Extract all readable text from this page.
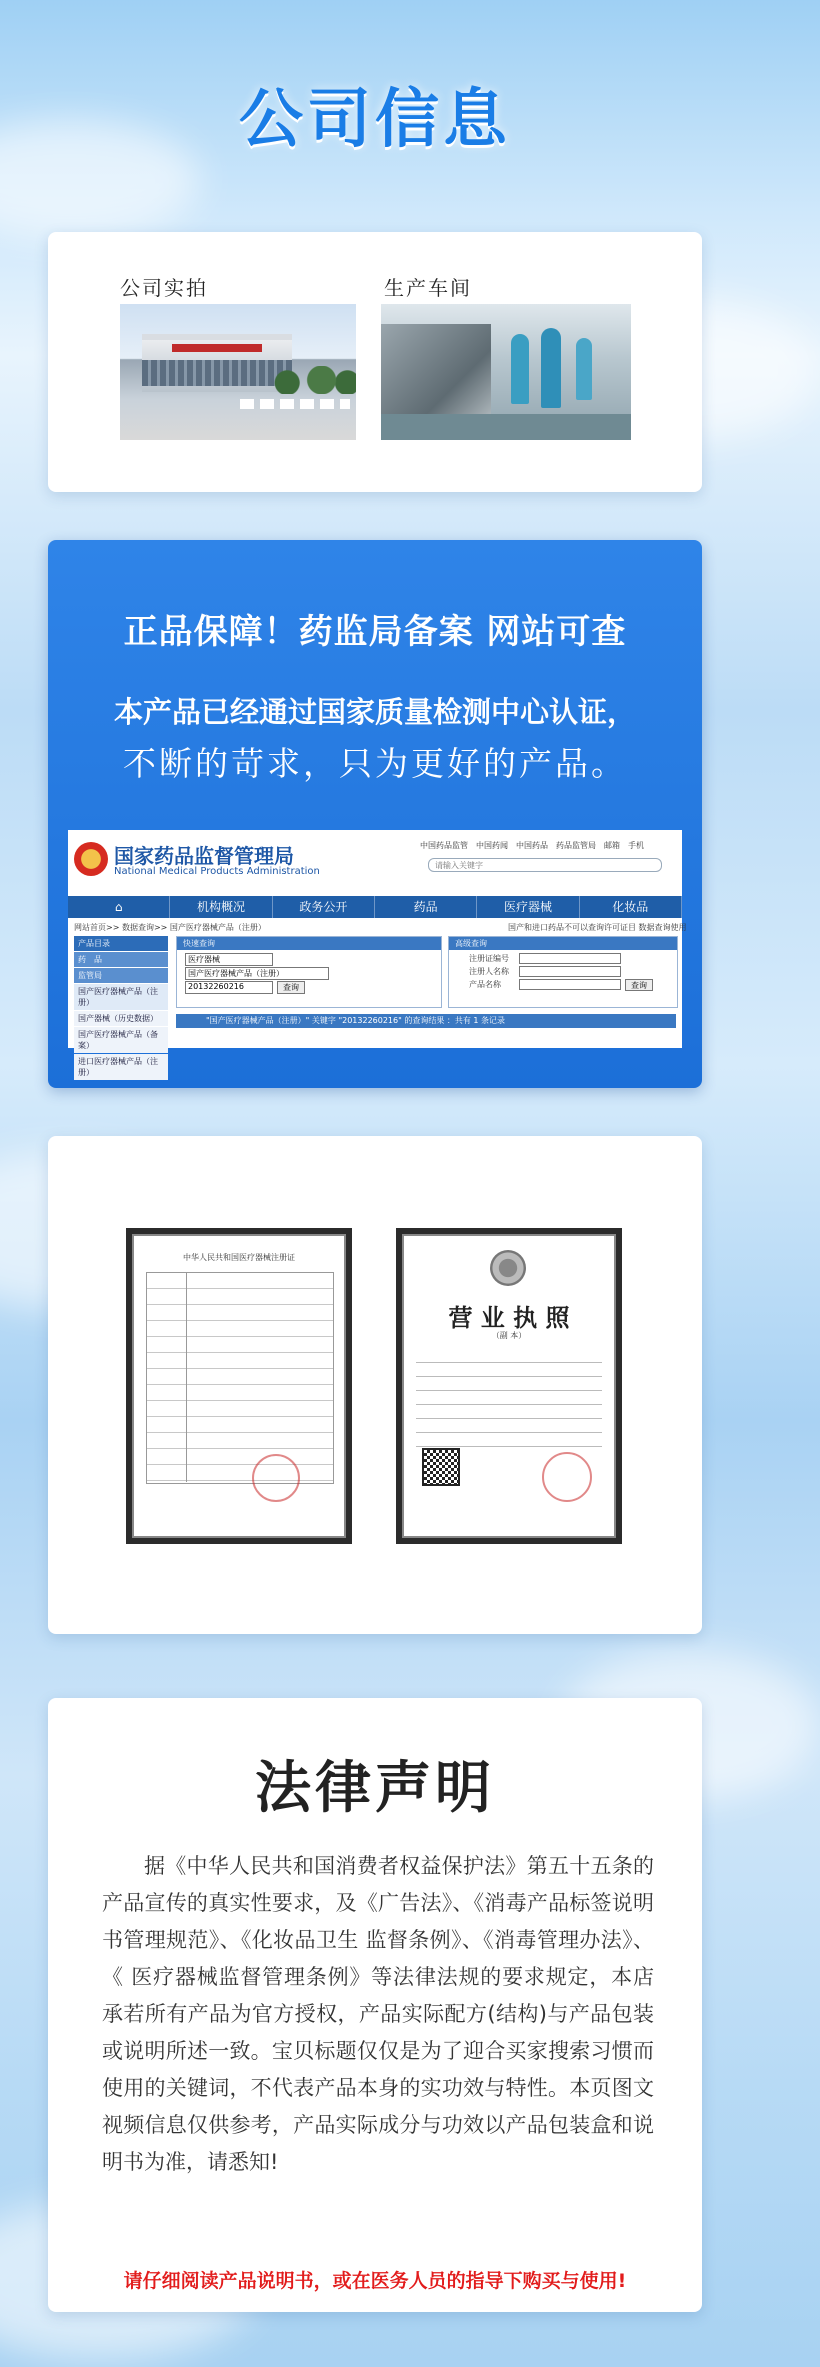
公司信息
公司实拍	生产车间
正品保障！药监局备案 网站可查
本产品已经通过国家质量检测中心认证，
不断的苛求，只为更好的产品。
国家药品监督管理局
National Medical Products Administration
中国药品监管 中国药闻 中国药品 药品监管局 邮箱 手机
请输入关键字
⌂	机构概况	政务公开	药品	医疗器械	化妆品
网站首页>> 数据查询>> 国产医疗器械产品（注册）	国产和进口药品不可以查询许可证目 数据查询使用
产品目录
药　品
监管局
国产医疗器械产品（注册）
国产器械（历史数据）
国产医疗器械产品（备案）
进口医疗器械产品（注册）
快速查询
医疗器械
国产医疗器械产品（注册）
20132260216	查询
高级查询
注册证编号
注册人名称
产品名称	查询
"国产医疗器械产品（注册）" 关键字 "20132260216" 的查询结果 ：共有 1 条记录
中华人民共和国医疗器械注册证
营 业 执 照
（副 本）
法律声明
据《中华人民共和国消费者权益保护法》第五十五条的产品宣传的真实性要求，及《广告法》、《消毒产品标签说明书管理规范》、《化妆品卫生 监督条例》、《消毒管理办法》、《 医疗器械监督管理条例》等法律法规的要求规定，本店承若所有产品为官方授权，产品实际配方(结构)与产品包装或说明所述一致。宝贝标题仅仅是为了迎合买家搜索习惯而使用的关键词，不代表产品本身的实功效与特性。本页图文视频信息仅供参考，产品实际成分与功效以产品包装盒和说明书为准，请悉知!
请仔细阅读产品说明书，或在医务人员的指导下购买与使用!
